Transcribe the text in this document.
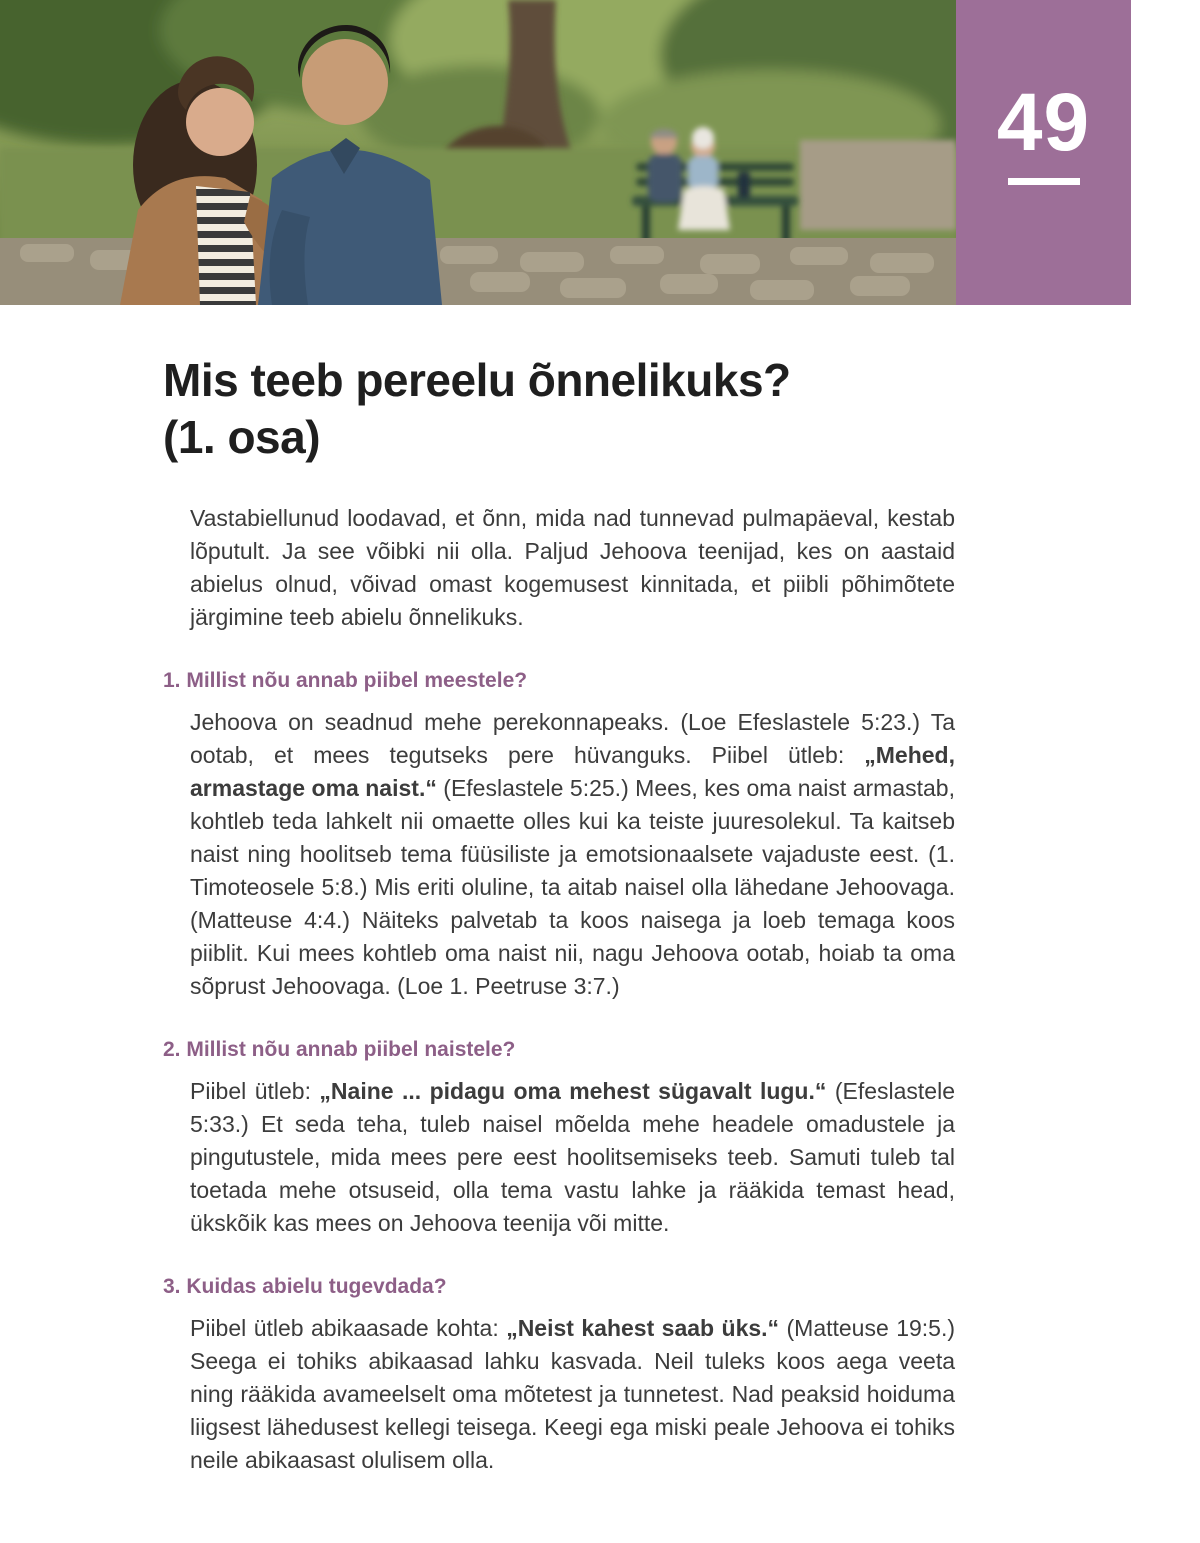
49
Mis teeb pereelu õnnelikuks?
(1. osa)

Vastabiellunud loodavad, et õnn, mida nad tunnevad pulmapäeval, kestab lõputult. Ja see võibki nii olla. Paljud Jehoova teenijad, kes on aastaid abielus olnud, võivad omast kogemusest kinnitada, et piibli põhimõtete järgimine teeb abielu õnnelikuks.

1. Millist nõu annab piibel meestele?

Jehoova on seadnud mehe perekonnapeaks. (Loe Efeslastele 5:23.) Ta ootab, et mees tegutseks pere hüvanguks. Piibel ütleb: „Mehed, armastage oma naist.“ (Efeslastele 5:25.) Mees, kes oma naist armastab, kohtleb teda lahkelt nii omaette olles kui ka teiste juuresolekul. Ta kaitseb naist ning hoolitseb tema füüsiliste ja emotsionaalsete vajaduste eest. (1. Timoteosele 5:8.) Mis eriti oluline, ta aitab naisel olla lähedane Jehoovaga. (Matteuse 4:4.) Näiteks palvetab ta koos naisega ja loeb temaga koos piiblit. Kui mees kohtleb oma naist nii, nagu Jehoova ootab, hoiab ta oma sõprust Jehoovaga. (Loe 1. Peetruse 3:7.)

2. Millist nõu annab piibel naistele?

Piibel ütleb: „Naine ... pidagu oma mehest sügavalt lugu.“ (Efeslastele 5:33.) Et seda teha, tuleb naisel mõelda mehe headele omadustele ja pingutustele, mida mees pere eest hoolitsemiseks teeb. Samuti tuleb tal toetada mehe otsuseid, olla tema vastu lahke ja rääkida temast head, ükskõik kas mees on Jehoova teenija või mitte.

3. Kuidas abielu tugevdada?

Piibel ütleb abikaasade kohta: „Neist kahest saab üks.“ (Matteuse 19:5.) Seega ei tohiks abikaasad lahku kasvada. Neil tuleks koos aega veeta ning rääkida avameelselt oma mõtetest ja tunnetest. Nad peaksid hoiduma liigsest lähedusest kellegi teisega. Keegi ega miski peale Jehoova ei tohiks neile abikaasast olulisem olla.
